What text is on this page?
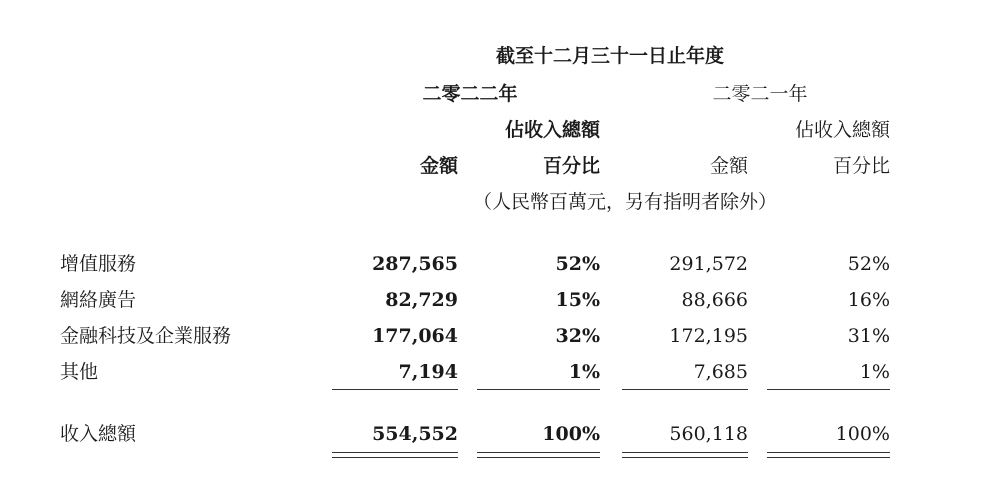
截至十二月三十一日止年度
二零二二年	二零二一年
佔收入總額	佔收入總額
金額	百分比	金額	百分比
（人民幣百萬元，另有指明者除外）
增值服務	287,565	52%	291,572	52%
網絡廣告	82,729	15%	88,666	16%
金融科技及企業服務	177,064	32%	172,195	31%
其他	7,194	1%	7,685	1%
收入總額	554,552	100%	560,118	100%
